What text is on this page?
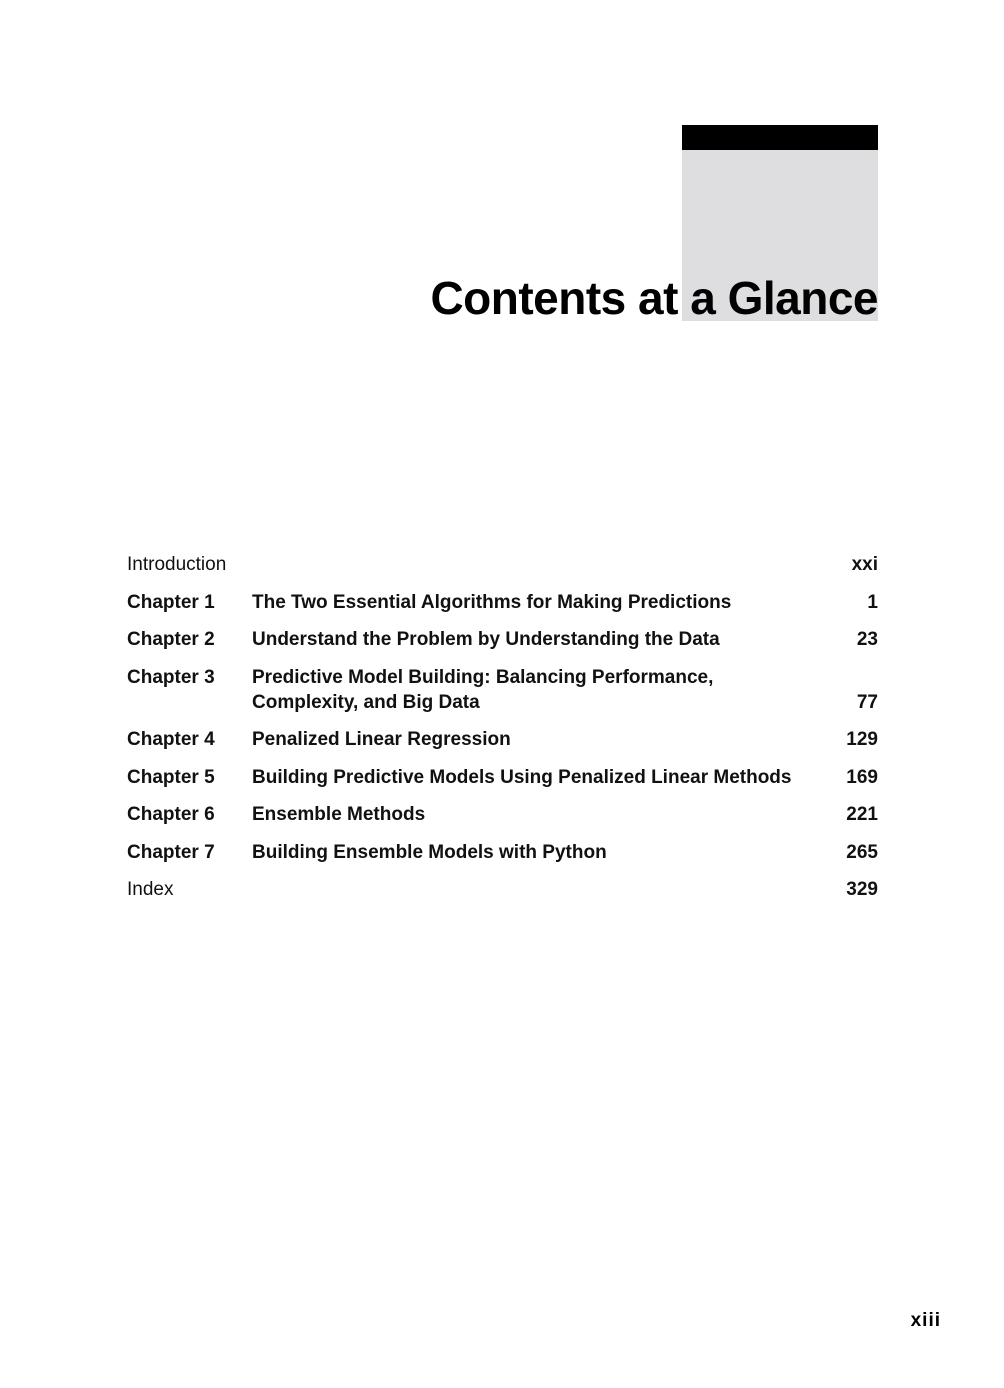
Contents at a Glance
Introduction	xxi
Chapter 1	The Two Essential Algorithms for Making Predictions	1
Chapter 2	Understand the Problem by Understanding the Data	23
Chapter 3	Predictive Model Building: Balancing Performance,
Complexity, and Big Data	77
Chapter 4	Penalized Linear Regression	129
Chapter 5	Building Predictive Models Using Penalized Linear Methods	169
Chapter 6	Ensemble Methods	221
Chapter 7	Building Ensemble Models with Python	265
Index	329
xiii
